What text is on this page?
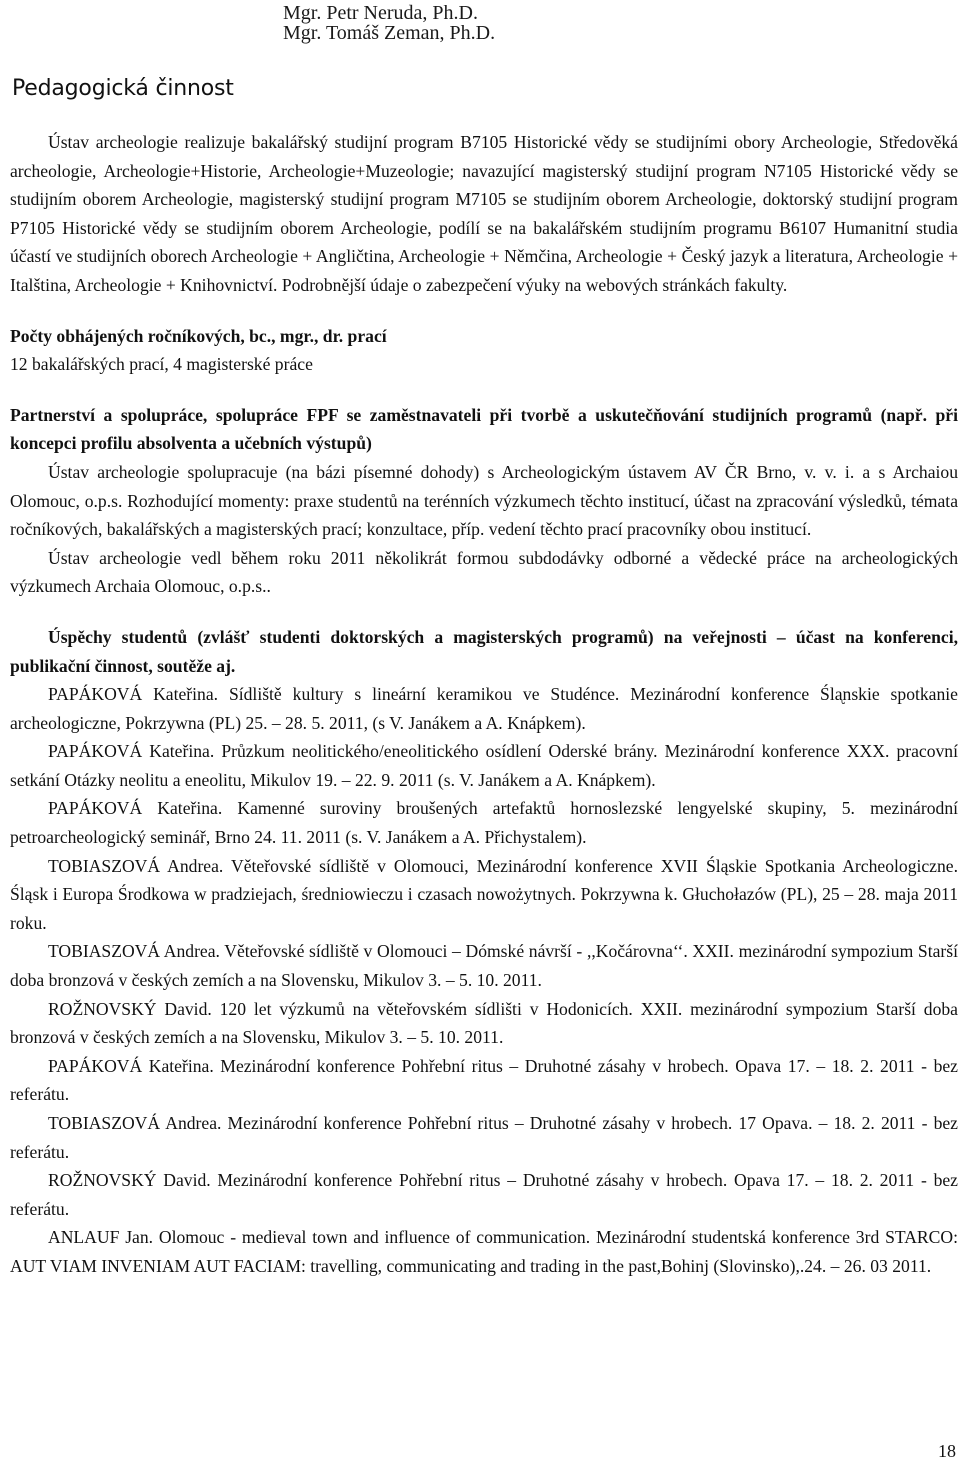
Mgr. Petr Neruda, Ph.D.
Mgr. Tomáš Zeman, Ph.D.
Pedagogická činnost

Ústav archeologie realizuje bakalářský studijní program B7105 Historické vědy se studijními obory Archeologie, Středověká archeologie, Archeologie+Historie, Archeologie+Muzeologie; navazující magisterský studijní program N7105 Historické vědy se studijním oborem Archeologie, magisterský studijní program M7105 se studijním oborem Archeologie, doktorský studijní program P7105 Historické vědy se studijním oborem Archeologie, podílí se na bakalářském studijním programu B6107 Humanitní studia účastí ve studijních oborech Archeologie + Angličtina, Archeologie + Němčina, Archeologie + Český jazyk a literatura, Archeologie + Italština, Archeologie + Knihovnictví. Podrobnější údaje o zabezpečení výuky na webových stránkách fakulty.

Počty obhájených ročníkových, bc., mgr., dr. prací

12 bakalářských prací, 4 magisterské práce

Partnerství a spolupráce, spolupráce FPF se zaměstnavateli při tvorbě a uskutečňování studijních programů (např. při koncepci profilu absolventa a učebních výstupů)

Ústav archeologie spolupracuje (na bázi písemné dohody) s Archeologickým ústavem AV ČR Brno, v. v. i. a s Archaiou Olomouc, o.p.s. Rozhodující momenty: praxe studentů na terénních výzkumech těchto institucí, účast na zpracování výsledků, témata ročníkových, bakalářských a magisterských prací; konzultace, příp. vedení těchto prací pracovníky obou institucí.

Ústav archeologie vedl během roku 2011 několikrát formou subdodávky odborné a vědecké práce na archeologických výzkumech Archaia Olomouc, o.p.s..

Úspěchy studentů (zvlášť studenti doktorských a magisterských programů) na veřejnosti – účast na konferenci, publikační činnost, soutěže aj.

PAPÁKOVÁ Kateřina. Sídliště kultury s lineární keramikou ve Studénce. Mezinárodní konference Ślᶏnskie spotkanie archeologiczne, Pokrzywna (PL) 25. – 28. 5. 2011, (s V. Janákem a A. Knápkem).

PAPÁKOVÁ Kateřina. Průzkum neolitického/eneolitického osídlení Oderské brány. Mezinárodní konference XXX. pracovní setkání Otázky neolitu a eneolitu, Mikulov 19. – 22. 9. 2011 (s. V. Janákem a A. Knápkem).

PAPÁKOVÁ Kateřina. Kamenné suroviny broušených artefaktů hornoslezské lengyelské skupiny, 5. mezinárodní petroarcheologický seminář, Brno 24. 11. 2011 (s. V. Janákem a A. Přichystalem).

TOBIASZOVÁ Andrea. Věteřovské sídliště v Olomouci, Mezinárodní konference XVII Śląskie Spotkania Archeologiczne. Śląsk i Europa Środkowa w pradziejach, średniowieczu i czasach nowożytnych. Pokrzywna k. Głuchołazów (PL), 25 – 28. maja 2011 roku.

TOBIASZOVÁ Andrea. Věteřovské sídliště v Olomouci – Dómské návrší - ,,Kočárovna‘‘. XXII. mezinárodní sympozium Starší doba bronzová v českých zemích a na Slovensku, Mikulov 3. – 5. 10. 2011.

ROŽNOVSKÝ David. 120 let výzkumů na věteřovském sídlišti v Hodonicích. XXII. mezinárodní sympozium Starší doba bronzová v českých zemích a na Slovensku, Mikulov 3. – 5. 10. 2011.

PAPÁKOVÁ Kateřina. Mezinárodní konference Pohřební ritus – Druhotné zásahy v hrobech. Opava 17. – 18. 2. 2011 - bez referátu.

TOBIASZOVÁ Andrea. Mezinárodní konference Pohřební ritus – Druhotné zásahy v hrobech. 17 Opava. – 18. 2. 2011 - bez referátu.

ROŽNOVSKÝ David. Mezinárodní konference Pohřební ritus – Druhotné zásahy v hrobech. Opava 17. – 18. 2. 2011 - bez referátu.

ANLAUF Jan. Olomouc - medieval town and influence of communication. Mezinárodní studentská konference 3rd STARCO: AUT VIAM INVENIAM AUT FACIAM: travelling, communicating and trading in the past,Bohinj (Slovinsko),.24. – 26. 03 2011.

18
